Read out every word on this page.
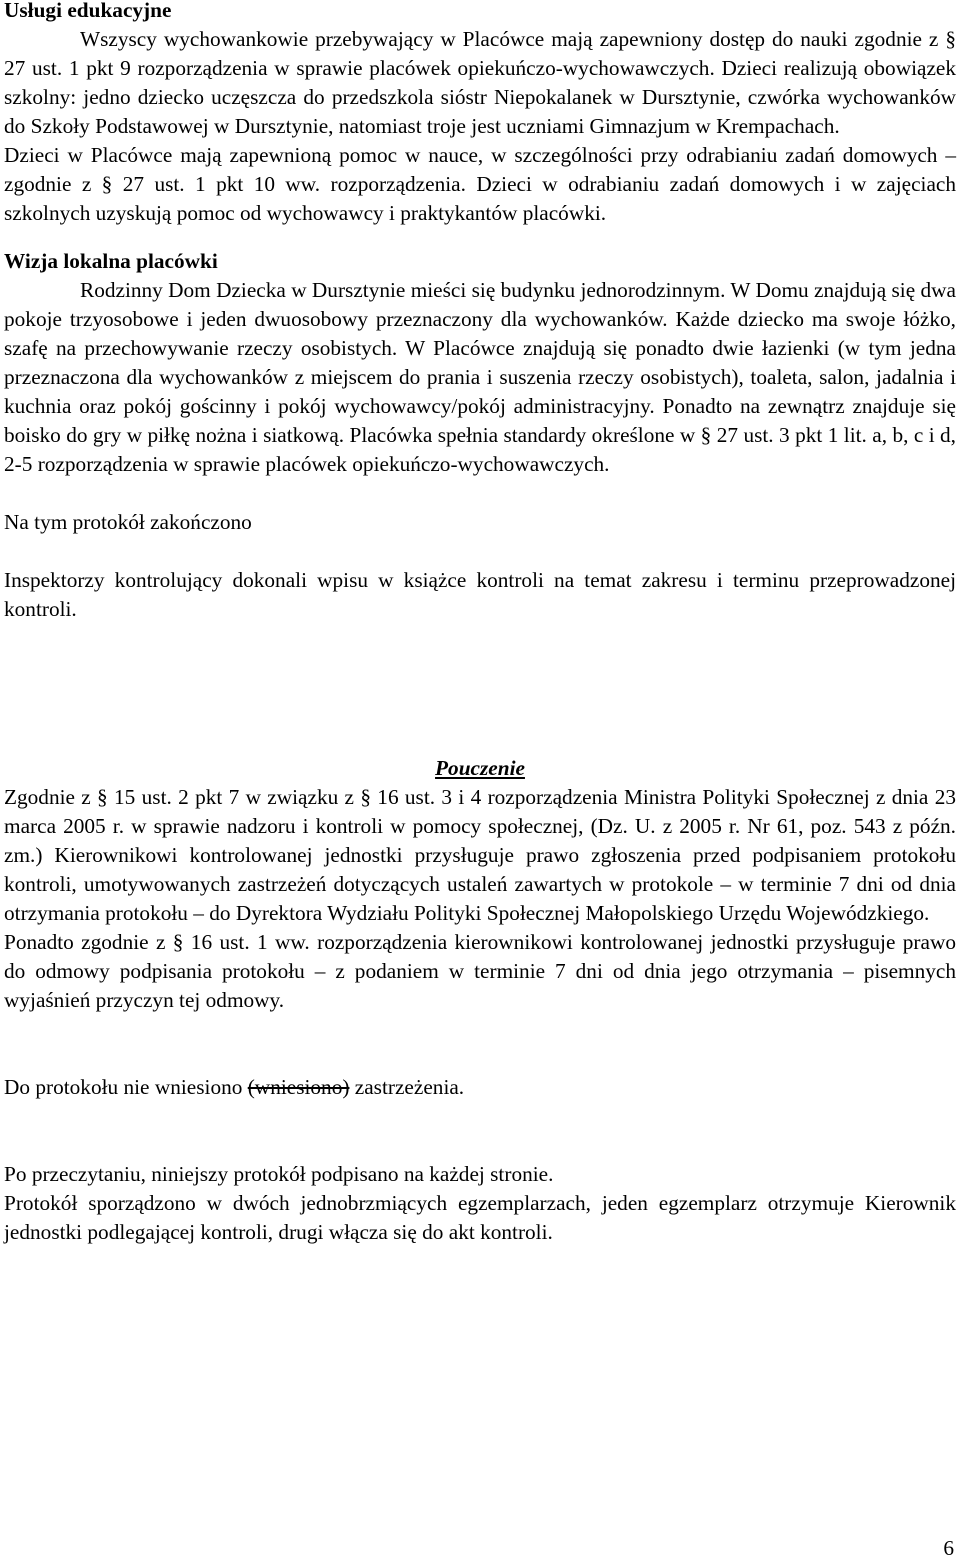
Usługi edukacyjne

Wszyscy wychowankowie przebywający w Placówce mają zapewniony dostęp do nauki zgodnie z § 27 ust. 1 pkt 9 rozporządzenia w sprawie placówek opiekuńczo-wychowawczych. Dzieci realizują obowiązek szkolny: jedno dziecko uczęszcza do przedszkola sióstr Niepokalanek w Dursztynie, czwórka wychowanków do Szkoły Podstawowej w Dursztynie, natomiast troje jest uczniami Gimnazjum w Krempachach.

Dzieci w Placówce mają zapewnioną pomoc w nauce, w szczególności przy odrabianiu zadań domowych – zgodnie z § 27 ust. 1 pkt 10 ww. rozporządzenia. Dzieci w odrabianiu zadań domowych i w zajęciach szkolnych uzyskują pomoc od wychowawcy i praktykantów placówki.

Wizja lokalna placówki

Rodzinny Dom Dziecka w Dursztynie mieści się budynku jednorodzinnym. W Domu znajdują się dwa pokoje trzyosobowe i jeden dwuosobowy przeznaczony dla wychowanków. Każde dziecko ma swoje łóżko, szafę na przechowywanie rzeczy osobistych. W Placówce znajdują się ponadto dwie łazienki (w tym jedna przeznaczona dla wychowanków z miejscem do prania i suszenia rzeczy osobistych), toaleta, salon, jadalnia i kuchnia oraz pokój gościnny i pokój wychowawcy/pokój administracyjny. Ponadto na zewnątrz znajduje się boisko do gry w piłkę nożna i siatkową. Placówka spełnia standardy określone w § 27 ust. 3 pkt 1 lit. a, b, c i d, 2-5 rozporządzenia w sprawie placówek opiekuńczo-wychowawczych.

Na tym protokół zakończono

Inspektorzy kontrolujący dokonali wpisu w książce kontroli na temat zakresu i terminu przeprowadzonej kontroli.

Pouczenie

Zgodnie z § 15 ust. 2 pkt 7 w związku z § 16 ust. 3 i 4 rozporządzenia Ministra Polityki Społecznej z dnia 23 marca 2005 r. w sprawie nadzoru i kontroli w pomocy społecznej, (Dz. U. z 2005 r. Nr 61, poz. 543 z późn. zm.) Kierownikowi kontrolowanej jednostki przysługuje prawo zgłoszenia przed podpisaniem protokołu kontroli, umotywowanych zastrzeżeń dotyczących ustaleń zawartych w protokole – w terminie 7 dni od dnia otrzymania protokołu – do Dyrektora Wydziału Polityki Społecznej Małopolskiego Urzędu Wojewódzkiego.

Ponadto zgodnie z § 16 ust. 1 ww. rozporządzenia kierownikowi kontrolowanej jednostki przysługuje prawo do odmowy podpisania protokołu – z podaniem w terminie 7 dni od dnia jego otrzymania – pisemnych wyjaśnień przyczyn tej odmowy.

Do protokołu nie wniesiono (wniesiono) zastrzeżenia.

Po przeczytaniu, niniejszy protokół podpisano na każdej stronie.

Protokół sporządzono w dwóch jednobrzmiących egzemplarzach, jeden egzemplarz otrzymuje Kierownik jednostki podlegającej kontroli, drugi włącza się do akt kontroli.

6
